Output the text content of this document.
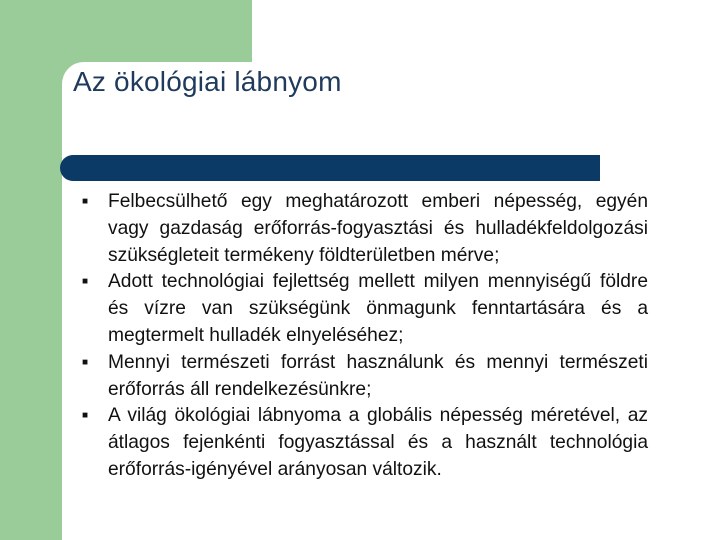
Az ökológiai lábnyom
■
Felbecsülhető egy meghatározott emberi népesség, egyén vagy gazdaság erőforrás-fogyasztási és hulladékfeldolgozási szükségleteit termékeny földterületben mérve;
■
Adott technológiai fejlettség mellett milyen mennyiségű földre és vízre van szükségünk önmagunk fenntartására és a megtermelt hulladék elnyeléséhez;
■
Mennyi természeti forrást használunk és mennyi természeti erőforrás áll rendelkezésünkre;
■
A világ ökológiai lábnyoma a globális népesség méretével, az átlagos fejenkénti fogyasztással és a használt technológia erőforrás-igényével arányosan változik.
